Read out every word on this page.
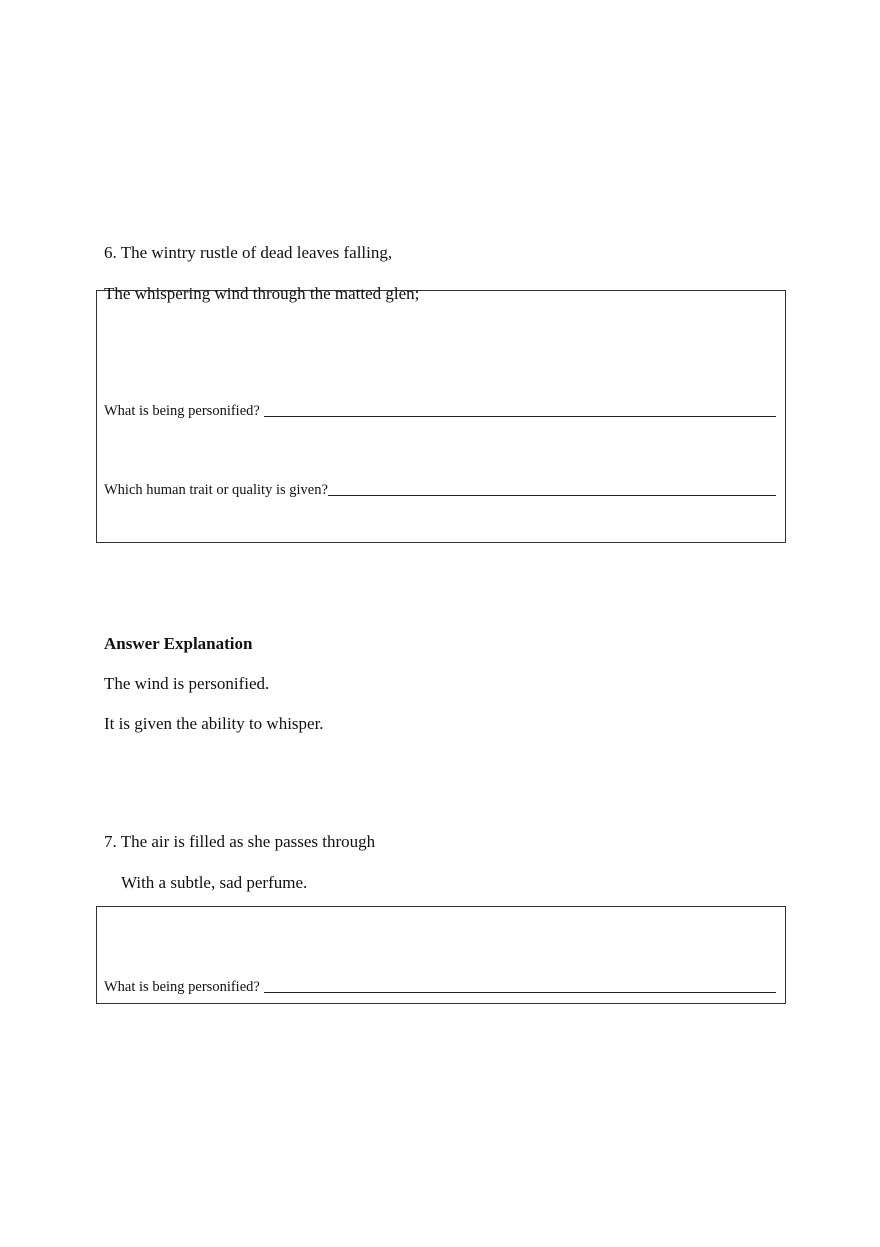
6. The wintry rustle of dead leaves falling,
The whispering wind through the matted glen;
What is being personified?
Which human trait or quality is given?
Answer Explanation
The wind is personified.
It is given the ability to whisper.
7. The air is filled as she passes through
With a subtle, sad perfume.
What is being personified?
